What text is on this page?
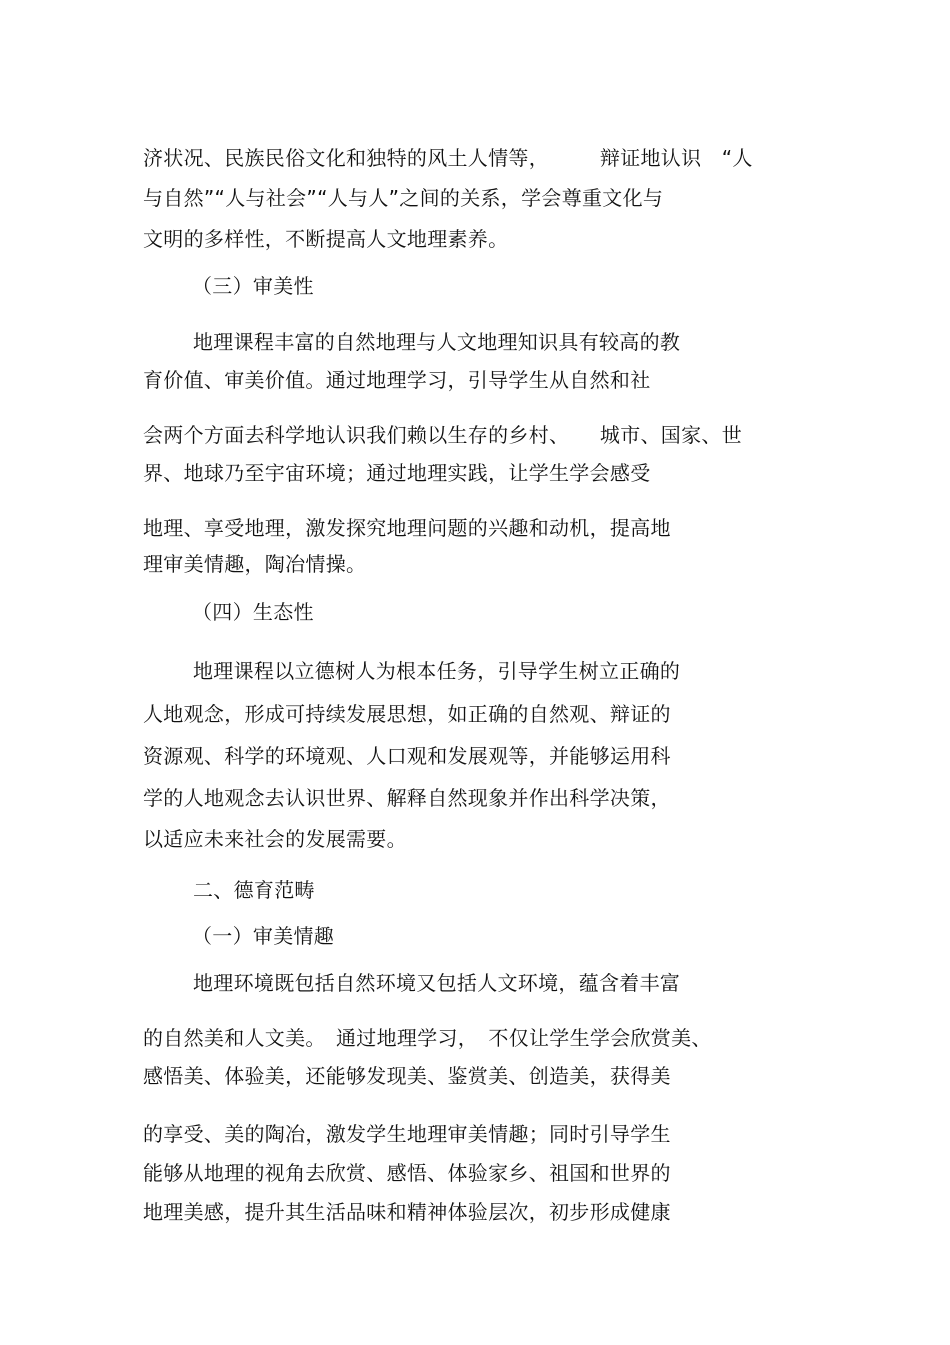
济状况、民族民俗文化和独特的风土人情等，　　　辩证地认识　“人
与自然”“人与社会”“人与人”之间的关系，学会尊重文化与
文明的多样性，不断提高人文地理素养。
（三）审美性
地理课程丰富的自然地理与人文地理知识具有较高的教
育价值、审美价值。通过地理学习，引导学生从自然和社
会两个方面去科学地认识我们赖以生存的乡村、　　城市、国家、世
界、地球乃至宇宙环境；通过地理实践，让学生学会感受
地理、享受地理，激发探究地理问题的兴趣和动机，提高地
理审美情趣，陶冶情操。
（四）生态性
地理课程以立德树人为根本任务，引导学生树立正确的
人地观念，形成可持续发展思想，如正确的自然观、辩证的
资源观、科学的环境观、人口观和发展观等，并能够运用科
学的人地观念去认识世界、解释自然现象并作出科学决策，
以适应未来社会的发展需要。
二、德育范畴
（一）审美情趣
地理环境既包括自然环境又包括人文环境，蕴含着丰富
的自然美和人文美。　通过地理学习，　不仅让学生学会欣赏美、
感悟美、体验美，还能够发现美、鉴赏美、创造美，获得美
的享受、美的陶冶，激发学生地理审美情趣；同时引导学生
能够从地理的视角去欣赏、感悟、体验家乡、祖国和世界的
地理美感，提升其生活品味和精神体验层次，初步形成健康
